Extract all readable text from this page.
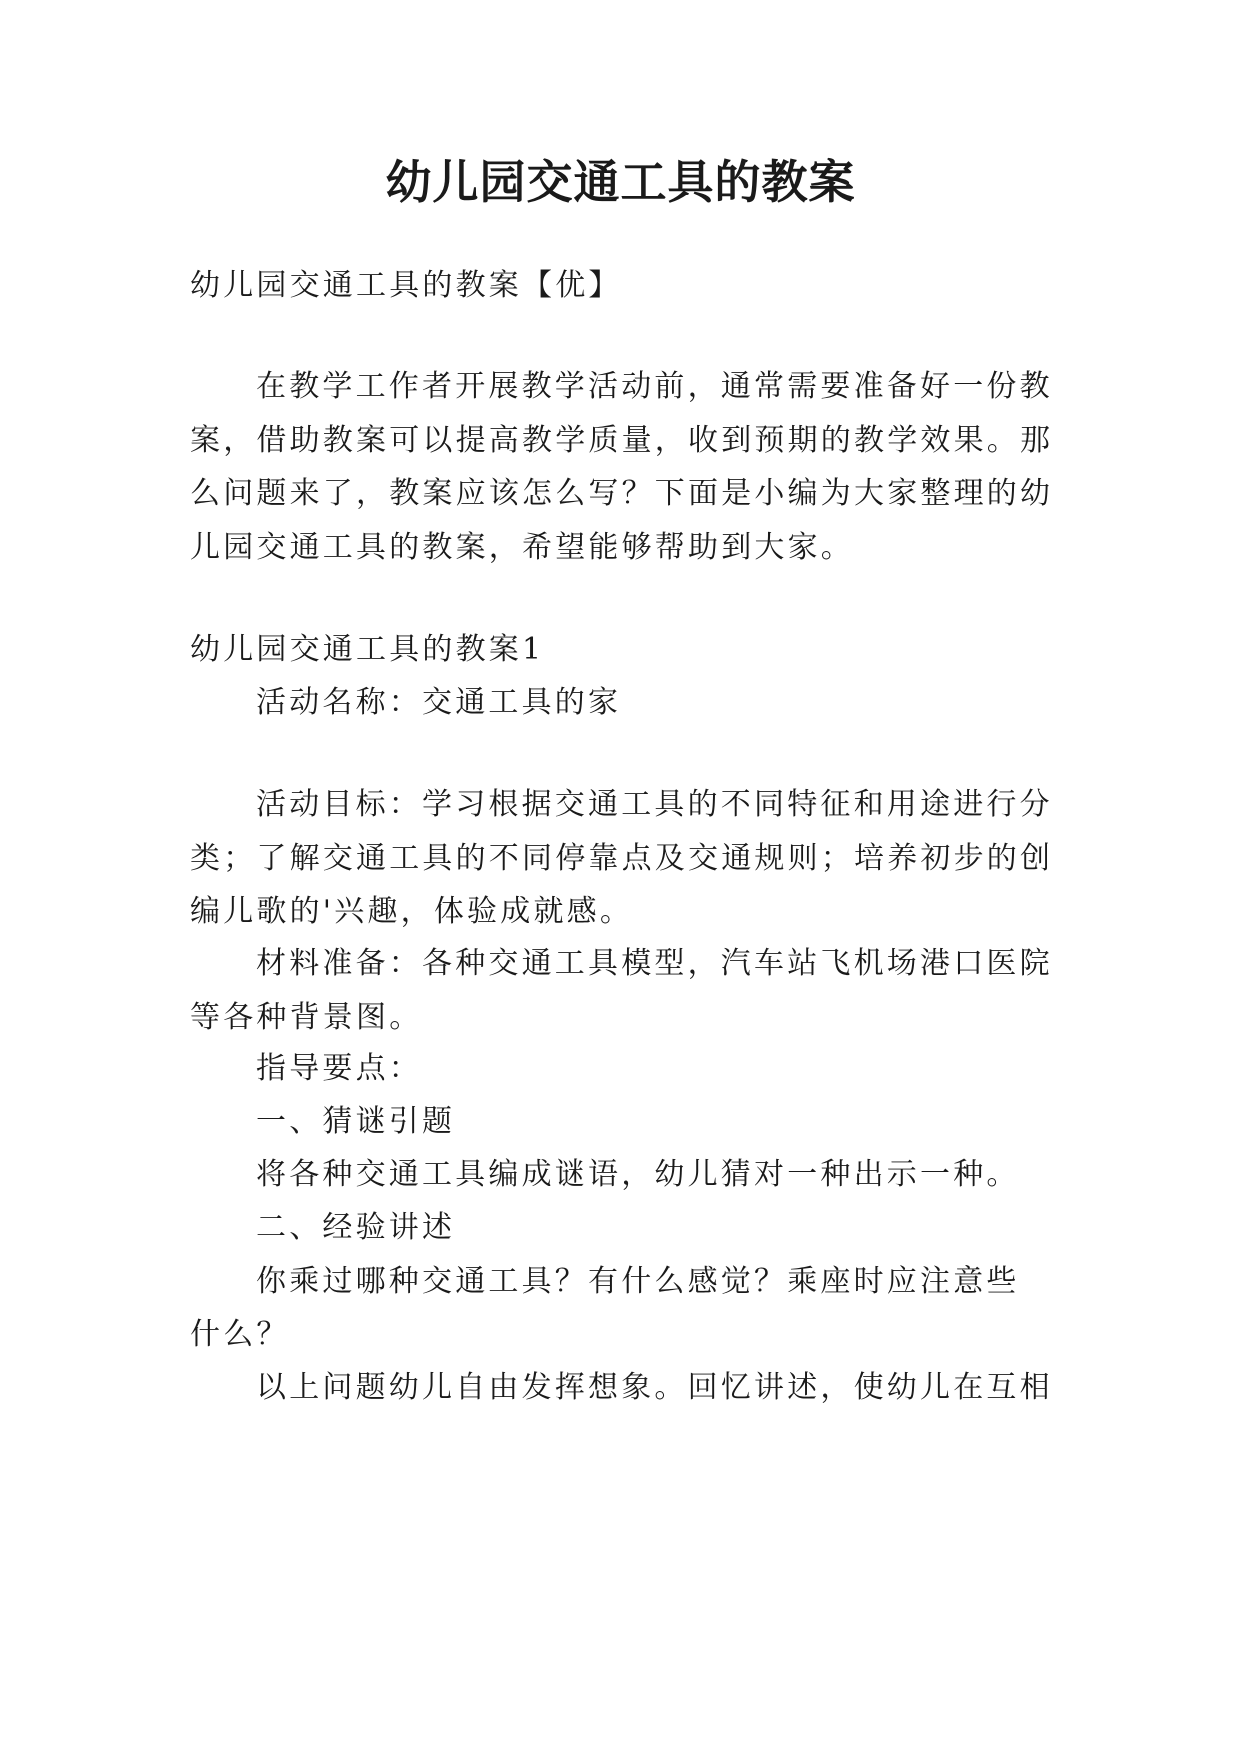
幼儿园交通工具的教案
幼儿园交通工具的教案【优】
在教学工作者开展教学活动前，通常需要准备好一份教
案，借助教案可以提高教学质量，收到预期的教学效果。那
么问题来了，教案应该怎么写？下面是小编为大家整理的幼
儿园交通工具的教案，希望能够帮助到大家。
幼儿园交通工具的教案1
活动名称：交通工具的家
活动目标：学习根据交通工具的不同特征和用途进行分
类；了解交通工具的不同停靠点及交通规则；培养初步的创
编儿歌的'兴趣，体验成就感。
材料准备：各种交通工具模型，汽车站飞机场港口医院
等各种背景图。
指导要点：
一、猜谜引题
将各种交通工具编成谜语，幼儿猜对一种出示一种。
二、经验讲述
你乘过哪种交通工具？有什么感觉？乘座时应注意些
什么？
以上问题幼儿自由发挥想象。回忆讲述，使幼儿在互相
